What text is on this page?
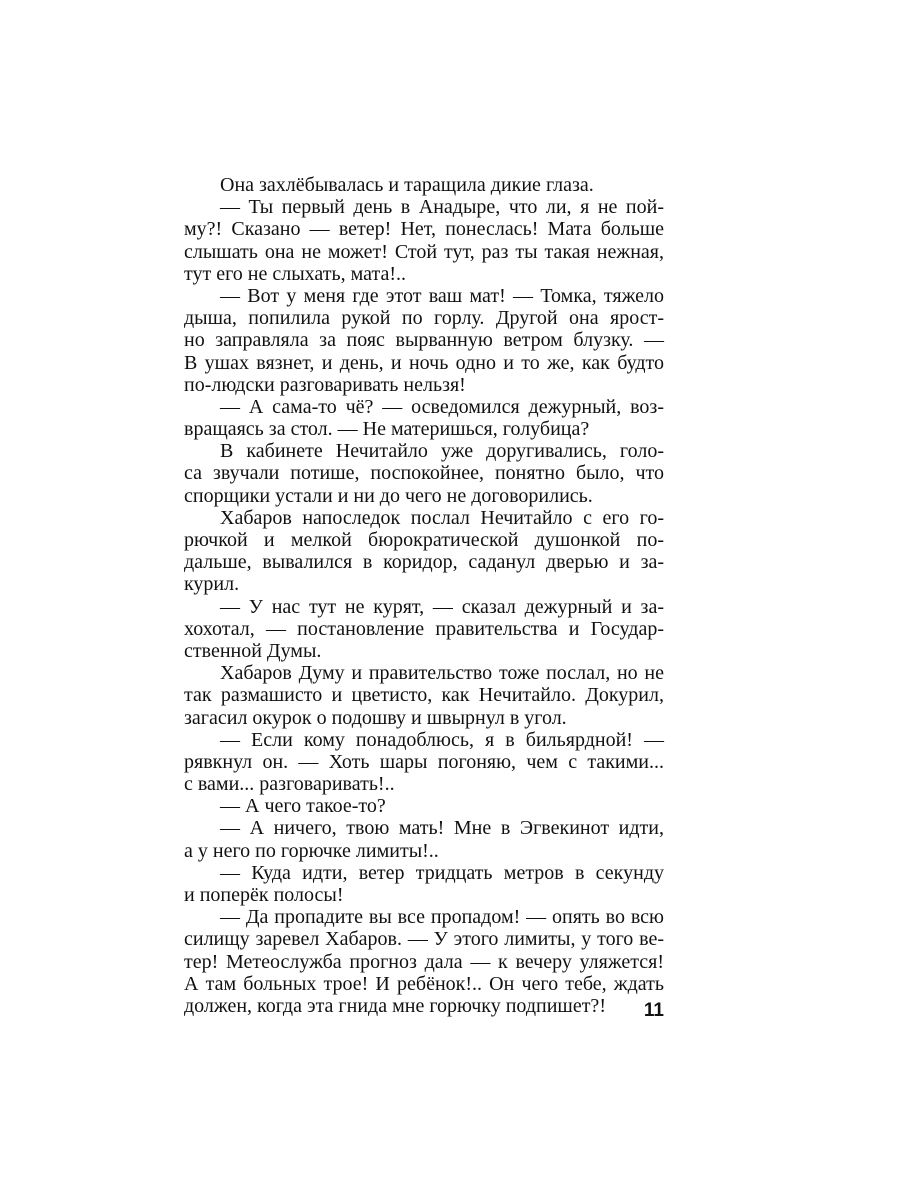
Она захлёбывалась и таращила дикие глаза.
— Ты первый день в Анадыре, что ли, я не пой-
му?! Сказано — ветер! Нет, понеслась! Мата больше
слышать она не может! Стой тут, раз ты такая нежная,
тут его не слыхать, мата!..
— Вот у меня где этот ваш мат! — Томка, тяжело
дыша, попилила рукой по горлу. Другой она ярост-
но заправляла за пояс вырванную ветром блузку. —
В ушах вязнет, и день, и ночь одно и то же, как будто
по-людски разговаривать нельзя!
— А сама-то чё? — осведомился дежурный, воз-
вращаясь за стол. — Не материшься, голубица?
В кабинете Нечитайло уже доругивались, голо-
са звучали потише, поспокойнее, понятно было, что
спорщики устали и ни до чего не договорились.
Хабаров напоследок послал Нечитайло с его го-
рючкой и мелкой бюрократической душонкой по-
дальше, вывалился в коридор, саданул дверью и за-
курил.
— У нас тут не курят, — сказал дежурный и за-
хохотал, — постановление правительства и Государ-
ственной Думы.
Хабаров Думу и правительство тоже послал, но не
так размашисто и цветисто, как Нечитайло. Докурил,
загасил окурок о подошву и швырнул в угол.
— Если кому понадоблюсь, я в бильярдной! —
рявкнул он. — Хоть шары погоняю, чем с такими...
с вами... разговаривать!..
— А чего такое-то?
— А ничего, твою мать! Мне в Эгвекинот идти,
а у него по горючке лимиты!..
— Куда идти, ветер тридцать метров в секунду
и поперёк полосы!
— Да пропадите вы все пропадом! — опять во всю
силищу заревел Хабаров. — У этого лимиты, у того ве-
тер! Метеослужба прогноз дала — к вечеру уляжется!
А там больных трое! И ребёнок!.. Он чего тебе, ждать
должен, когда эта гнида мне горючку подпишет?!	11
